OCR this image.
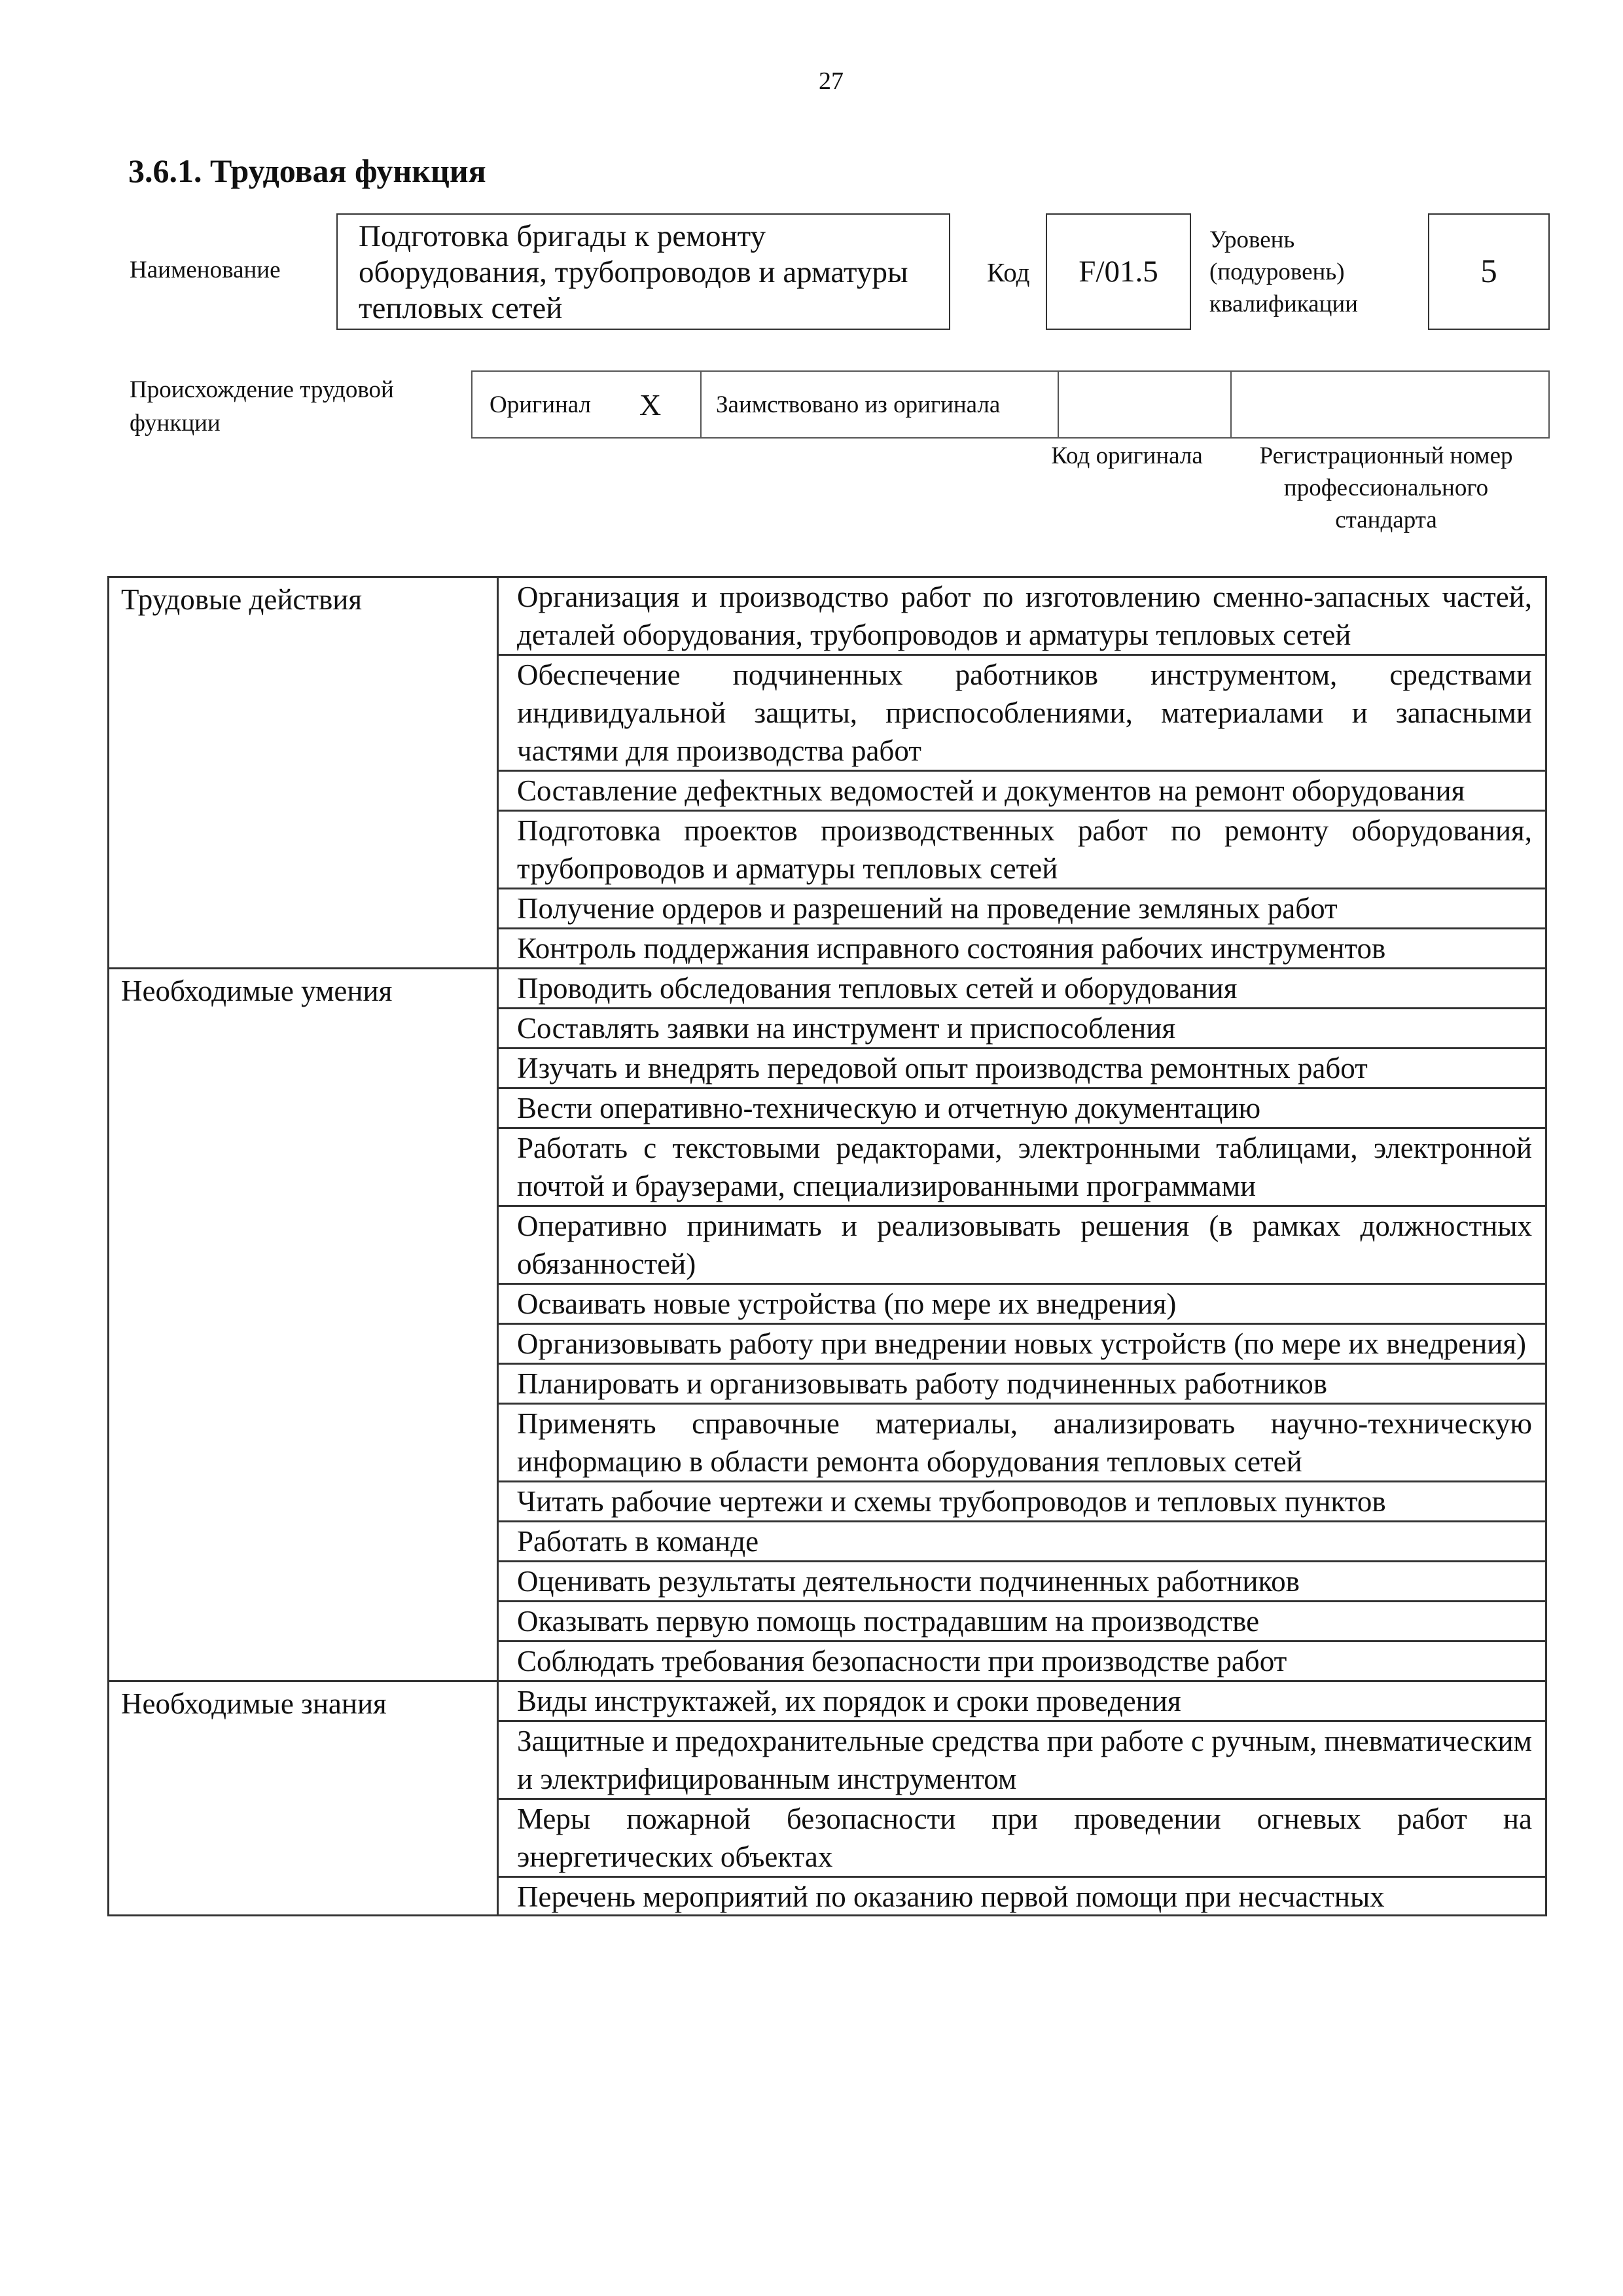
27
3.6.1. Трудовая функция
Наименование
Подготовка бригады к ремонту оборудования, трубопроводов и арматуры тепловых сетей
Код	F/01.5
Уровень (подуровень) квалификации
5
Происхождение трудовой функции
Оригинал X Заимствовано из оригинала
Код оригинала	Регистрационный номер профессионального стандарта
Трудовые действия	Организация и производство работ по изготовлению сменно-запасных частей, деталей оборудования, трубопроводов и арматуры тепловых сетей
	Обеспечение подчиненных работников инструментом, средствами индивидуальной защиты, приспособлениями, материалами и запасными частями для производства работ
	Составление дефектных ведомостей и документов на ремонт оборудования
	Подготовка проектов производственных работ по ремонту оборудования, трубопроводов и арматуры тепловых сетей
	Получение ордеров и разрешений на проведение земляных работ
	Контроль поддержания исправного состояния рабочих инструментов
Необходимые умения	Проводить обследования тепловых сетей и оборудования
	Составлять заявки на инструмент и приспособления
	Изучать и внедрять передовой опыт производства ремонтных работ
	Вести оперативно-техническую и отчетную документацию
	Работать с текстовыми редакторами, электронными таблицами, электронной почтой и браузерами, специализированными программами
	Оперативно принимать и реализовывать решения (в рамках должностных обязанностей)
	Осваивать новые устройства (по мере их внедрения)
	Организовывать работу при внедрении новых устройств (по мере их внедрения)
	Планировать и организовывать работу подчиненных работников
	Применять справочные материалы, анализировать научно-техническую информацию в области ремонта оборудования тепловых сетей
	Читать рабочие чертежи и схемы трубопроводов и тепловых пунктов
	Работать в команде
	Оценивать результаты деятельности подчиненных работников
	Оказывать первую помощь пострадавшим на производстве
	Соблюдать требования безопасности при производстве работ
Необходимые знания	Виды инструктажей, их порядок и сроки проведения
	Защитные и предохранительные средства при работе с ручным, пневматическим и электрифицированным инструментом
	Меры пожарной безопасности при проведении огневых работ на энергетических объектах

	Перечень мероприятий по оказанию первой помощи при несчастных
